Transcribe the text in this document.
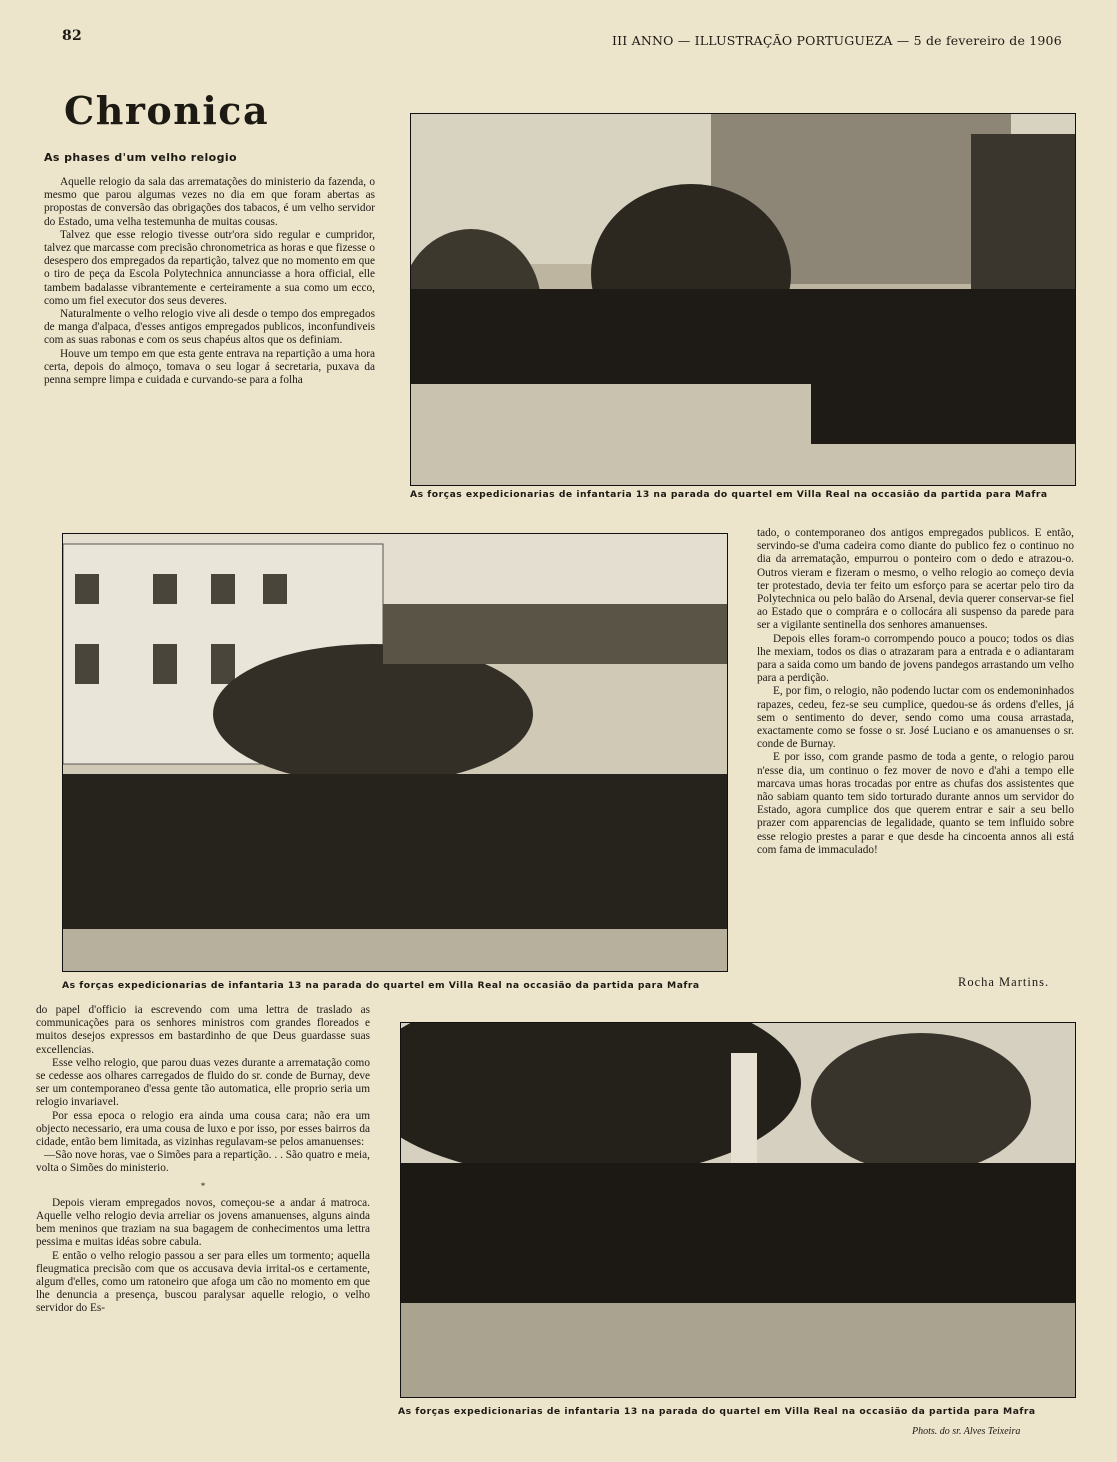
82	III ANNO — ILLUSTRAÇÃO PORTUGUEZA — 5 de fevereiro de 1906
Chronica
As phases d'um velho relogio

Aquelle relogio da sala das arrematações do ministerio da fazenda, o mesmo que parou algumas vezes no dia em que foram abertas as propostas de conversão das obrigações dos tabacos, é um velho servidor do Estado, uma velha testemunha de muitas cousas.

Talvez que esse relogio tivesse outr'ora sido regular e cumpridor, talvez que marcasse com precisão chronometrica as horas e que fizesse o desespero dos empregados da repartição, talvez que no momento em que o tiro de peça da Escola Polytechnica annunciasse a hora official, elle tambem badalasse vibrantemente e certeiramente a sua como um ecco, como um fiel executor dos seus deveres.

Naturalmente o velho relogio vive ali desde o tempo dos empregados de manga d'alpaca, d'esses antigos empregados publicos, inconfundiveis com as suas rabonas e com os seus chapéus altos que os definiam.

Houve um tempo em que esta gente entrava na repartição a uma hora certa, depois do almoço, tomava o seu logar á secretaria, puxava da penna sempre limpa e cuidada e curvando-se para a folha

As forças expedicionarias de infantaria 13 na parada do quartel em Villa Real na occasião da partida para Mafra
As forças expedicionarias de infantaria 13 na parada do quartel em Villa Real na occasião da partida para Mafra

tado, o contemporaneo dos antigos empregados publicos. E então, servindo-se d'uma cadeira como diante do publico fez o continuo no dia da arrematação, empurrou o ponteiro com o dedo e atrazou-o. Outros vieram e fizeram o mesmo, o velho relogio ao começo devia ter protestado, devia ter feito um esforço para se acertar pelo tiro da Polytechnica ou pelo balão do Arsenal, devia querer conservar-se fiel ao Estado que o comprára e o collocára ali suspenso da parede para ser a vigilante sentinella dos senhores amanuenses.

Depois elles foram-o corrompendo pouco a pouco; todos os dias lhe mexiam, todos os dias o atrazaram para a entrada e o adiantaram para a saida como um bando de jovens pandegos arrastando um velho para a perdição.

E, por fim, o relogio, não podendo luctar com os endemoninhados rapazes, cedeu, fez-se seu cumplice, quedou-se ás ordens d'elles, já sem o sentimento do dever, sendo como uma cousa arrastada, exactamente como se fosse o sr. José Luciano e os amanuenses o sr. conde de Burnay.

E por isso, com grande pasmo de toda a gente, o relogio parou n'esse dia, um continuo o fez mover de novo e d'ahi a tempo elle marcava umas horas trocadas por entre as chufas dos assistentes que não sabiam quanto tem sido torturado durante annos um servidor do Estado, agora cumplice dos que querem entrar e sair a seu bello prazer com apparencias de legalidade, quanto se tem influido sobre esse relogio prestes a parar e que desde ha cincoenta annos ali está com fama de immaculado!

Rocha Martins.

do papel d'officio ia escrevendo com uma lettra de traslado as communicações para os senhores ministros com grandes floreados e muitos desejos expressos em bastardinho de que Deus guardasse suas excellencias.

Esse velho relogio, que parou duas vezes durante a arrematação como se cedesse aos olhares carregados de fluido do sr. conde de Burnay, deve ser um contemporaneo d'essa gente tão automatica, elle proprio seria um relogio invariavel.

Por essa epoca o relogio era ainda uma cousa cara; não era um objecto necessario, era uma cousa de luxo e por isso, por esses bairros da cidade, então bem limitada, as vizinhas regulavam-se pelos amanuenses:

—São nove horas, vae o Simões para a repartição. . . São quatro e meia, volta o Simões do ministerio.

*

Depois vieram empregados novos, começou-se a andar á matroca. Aquelle velho relogio devia arreliar os jovens amanuenses, alguns ainda bem meninos que traziam na sua bagagem de conhecimentos uma lettra pessima e muitas idéas sobre cabula.

E então o velho relogio passou a ser para elles um tormento; aquella fleugmatica precisão com que os accusava devia irrital-os e certamente, algum d'elles, como um ratoneiro que afoga um cão no momento em que lhe denuncia a presença, buscou paralysar aquelle relogio, o velho servidor do Es-

As forças expedicionarias de infantaria 13 na parada do quartel em Villa Real na occasião da partida para Mafra
Phots. do sr. Alves Teixeira
